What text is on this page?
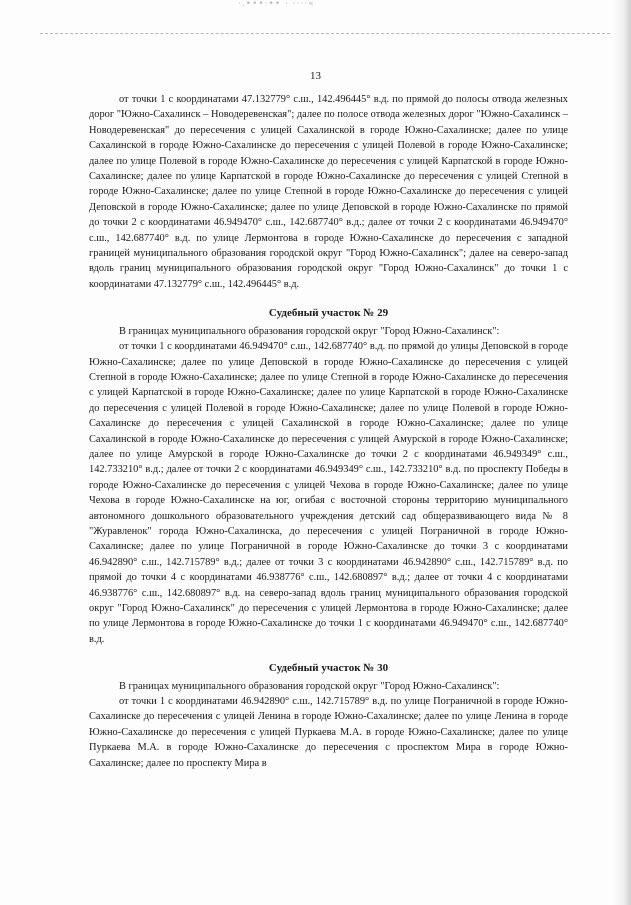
·.•••·•• · ····«
13

от точки 1 с координатами 47.132779° с.ш., 142.496445° в.д. по прямой до полосы отвода железных дорог "Южно-Сахалинск – Новодеревенская"; далее по полосе отвода железных дорог "Южно-Сахалинск – Новодеревенская" до пересечения с улицей Сахалинской в городе Южно-Сахалинске; далее по улице Сахалинской в городе Южно-Сахалинске до пересечения с улицей Полевой в городе Южно-Сахалинске; далее по улице Полевой в городе Южно-Сахалинске до пересечения с улицей Карпатской в городе Южно-Сахалинске; далее по улице Карпатской в городе Южно-Сахалинске до пересечения с улицей Степной в городе Южно-Сахалинске; далее по улице Степной в городе Южно-Сахалинске до пересечения с улицей Деповской в городе Южно-Сахалинске; далее по улице Деповской в городе Южно-Сахалинске по прямой до точки 2 с координатами 46.949470° с.ш., 142.687740° в.д.; далее от точки 2 с координатами 46.949470° с.ш., 142.687740° в.д. по улице Лермонтова в городе Южно-Сахалинске до пересечения с западной границей муниципального образования городской округ "Город Южно-Сахалинск"; далее на северо-запад вдоль границ муниципального образования городской округ "Город Южно-Сахалинск" до точки 1 с координатами 47.132779° с.ш., 142.496445° в.д.

Судебный участок № 29

В границах муниципального образования городской округ "Город Южно-Сахалинск":

от точки 1 с координатами 46.949470° с.ш., 142.687740° в.д. по прямой до улицы Деповской в городе Южно-Сахалинске; далее по улице Деповской в городе Южно-Сахалинске до пересечения с улицей Степной в городе Южно-Сахалинске; далее по улице Степной в городе Южно-Сахалинске до пересечения с улицей Карпатской в городе Южно-Сахалинске; далее по улице Карпатской в городе Южно-Сахалинске до пересечения с улицей Полевой в городе Южно-Сахалинске; далее по улице Полевой в городе Южно-Сахалинске до пересечения с улицей Сахалинской в городе Южно-Сахалинске; далее по улице Сахалинской в городе Южно-Сахалинске до пересечения с улицей Амурской в городе Южно-Сахалинске; далее по улице Амурской в городе Южно-Сахалинске до точки 2 с координатами 46.949349° с.ш., 142.733210° в.д.; далее от точки 2 с координатами 46.949349° с.ш., 142.733210° в.д. по проспекту Победы в городе Южно-Сахалинске до пересечения с улицей Чехова в городе Южно-Сахалинске; далее по улице Чехова в городе Южно-Сахалинске на юг, огибая с восточной стороны территорию муниципального автономного дошкольного образовательного учреждения детский сад общеразвивающего вида № 8 "Журавленок" города Южно-Сахалинска, до пересечения с улицей Пограничной в городе Южно-Сахалинске; далее по улице Пограничной в городе Южно-Сахалинске до точки 3 с координатами 46.942890° с.ш., 142.715789° в.д.; далее от точки 3 с координатами 46.942890° с.ш., 142.715789° в.д. по прямой до точки 4 с координатами 46.938776° с.ш., 142.680897° в.д.; далее от точки 4 с координатами 46.938776° с.ш., 142.680897° в.д. на северо-запад вдоль границ муниципального образования городской округ "Город Южно-Сахалинск" до пересечения с улицей Лермонтова в городе Южно-Сахалинске; далее по улице Лермонтова в городе Южно-Сахалинске до точки 1 с координатами 46.949470° с.ш., 142.687740° в.д.

Судебный участок № 30

В границах муниципального образования городской округ "Город Южно-Сахалинск":

от точки 1 с координатами 46.942890° с.ш., 142.715789° в.д. по улице Пограничной в городе Южно-Сахалинске до пересечения с улицей Ленина в городе Южно-Сахалинске; далее по улице Ленина в городе Южно-Сахалинске до пересечения с улицей Пуркаева М.А. в городе Южно-Сахалинске; далее по улице Пуркаева М.А. в городе Южно-Сахалинске до пересечения с проспектом Мира в городе Южно-Сахалинске; далее по проспекту Мира в
